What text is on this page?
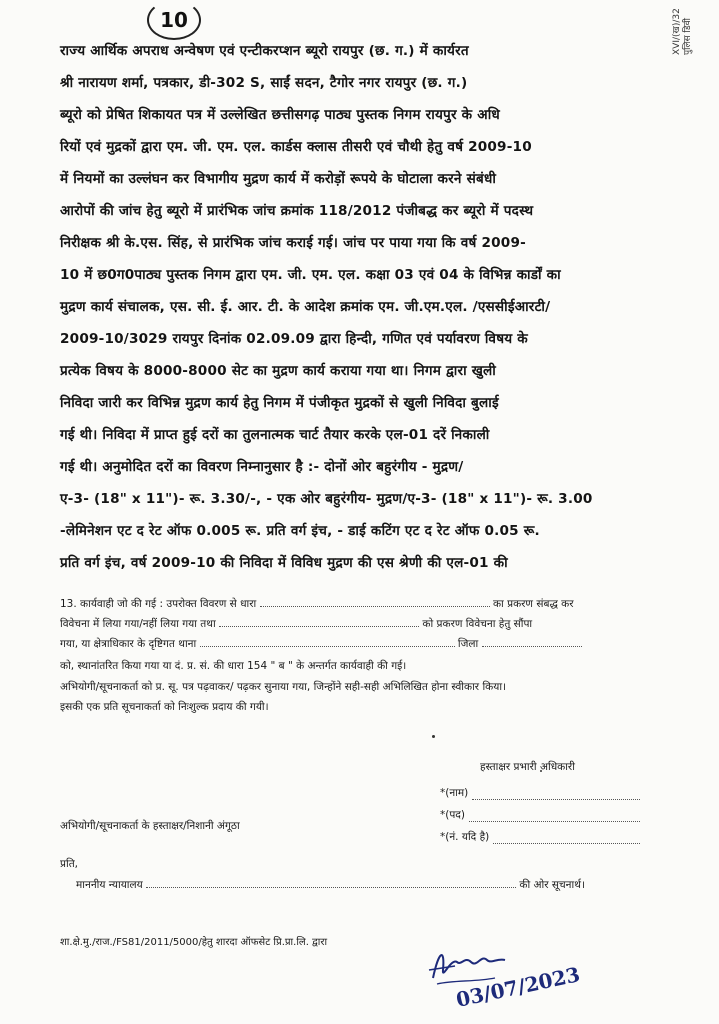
10	XVI/(ख)/32 पुलिस डिवी
राज्य आर्थिक अपराध अन्वेषण एवं एन्टीकरप्शन ब्यूरो रायपुर (छ. ग.) में कार्यरत
श्री नारायण शर्मा, पत्रकार, डी-302 S, साईं सदन, टैगोर नगर रायपुर (छ. ग.)
ब्यूरो को प्रेषित शिकायत पत्र में उल्लेखित छत्तीसगढ़ पाठ्य पुस्तक निगम रायपुर के अधि
रियों एवं मुद्रकों द्वारा एम. जी. एम. एल. कार्डस क्लास तीसरी एवं चौथी हेतु वर्ष 2009-10
में नियमों का उल्लंघन कर विभागीय मुद्रण कार्य में करोड़ों रूपये के घोटाला करने संबंधी
आरोपों की जांच हेतु ब्यूरो में प्रारंभिक जांच क्रमांक 118/2012 पंजीबद्ध कर ब्यूरो में पदस्थ
निरीक्षक श्री के.एस. सिंह, से प्रारंभिक जांच कराई गई। जांच पर पाया गया कि वर्ष 2009-
10 में छ0ग0पाठ्य पुस्तक निगम द्वारा एम. जी. एम. एल. कक्षा 03 एवं 04 के विभिन्न कार्डों का
मुद्रण कार्य संचालक, एस. सी. ई. आर. टी. के आदेश क्रमांक एम. जी.एम.एल. /एससीईआरटी/
2009-10/3029 रायपुर दिनांक 02.09.09 द्वारा हिन्दी, गणित एवं पर्यावरण विषय के
प्रत्येक विषय के 8000-8000 सेट का मुद्रण कार्य कराया गया था। निगम द्वारा खुली
निविदा जारी कर विभिन्न मुद्रण कार्य हेतु निगम में पंजीकृत मुद्रकों से खुली निविदा बुलाई
गई थी। निविदा में प्राप्त हुई दरों का तुलनात्मक चार्ट तैयार करके एल-01 दरें निकाली
गई थी। अनुमोदित दरों का विवरण निम्नानुसार है :- दोनों ओर बहुरंगीय - मुद्रण/
ए-3- (18" x 11")- रू. 3.30/-, - एक ओर बहुरंगीय- मुद्रण/ए-3- (18" x 11")- रू. 3.00
-लेमिनेशन एट द रेट ऑफ 0.005 रू. प्रति वर्ग इंच, - डाई कटिंग एट द रेट ऑफ 0.05 रू.
प्रति वर्ग इंच, वर्ष 2009-10 की निविदा में विविध मुद्रण की एस श्रेणी की एल-01 की
13. कार्यवाही जो की गई : उपरोक्त विवरण से धारा	का प्रकरण संबद्ध कर
विवेचना में लिया गया/नहीं लिया गया तथा	को प्रकरण विवेचना हेतु सौंपा
गया, या क्षेत्राधिकार के दृष्टिगत थाना	जिला
को, स्थानांतरित किया गया या दं. प्र. सं. की धारा 154 " ब " के अन्तर्गत कार्यवाही की गई।
अभियोगी/सूचनाकर्ता को प्र. सू. पत्र पढ़वाकर/ पढ़कर सुनाया गया, जिन्होंने सही-सही अभिलिखित होना स्वीकार किया।
इसकी एक प्रति सूचनाकर्ता को निःशुल्क प्रदाय की गयी।
हस्ताक्षर प्रभारी अधिकारी
*(नाम)
*(पद)
*(नं. यदि है)
अभियोगी/सूचनाकर्ता के हस्ताक्षर/निशानी अंगूठा
प्रति,
माननीय न्यायालय	की ओर सूचनार्थ।
शा.क्षे.मु./राज./FS81/2011/5000/हेतु शारदा ऑफसेट प्रि.प्रा.लि. द्वारा
03/07/2023
